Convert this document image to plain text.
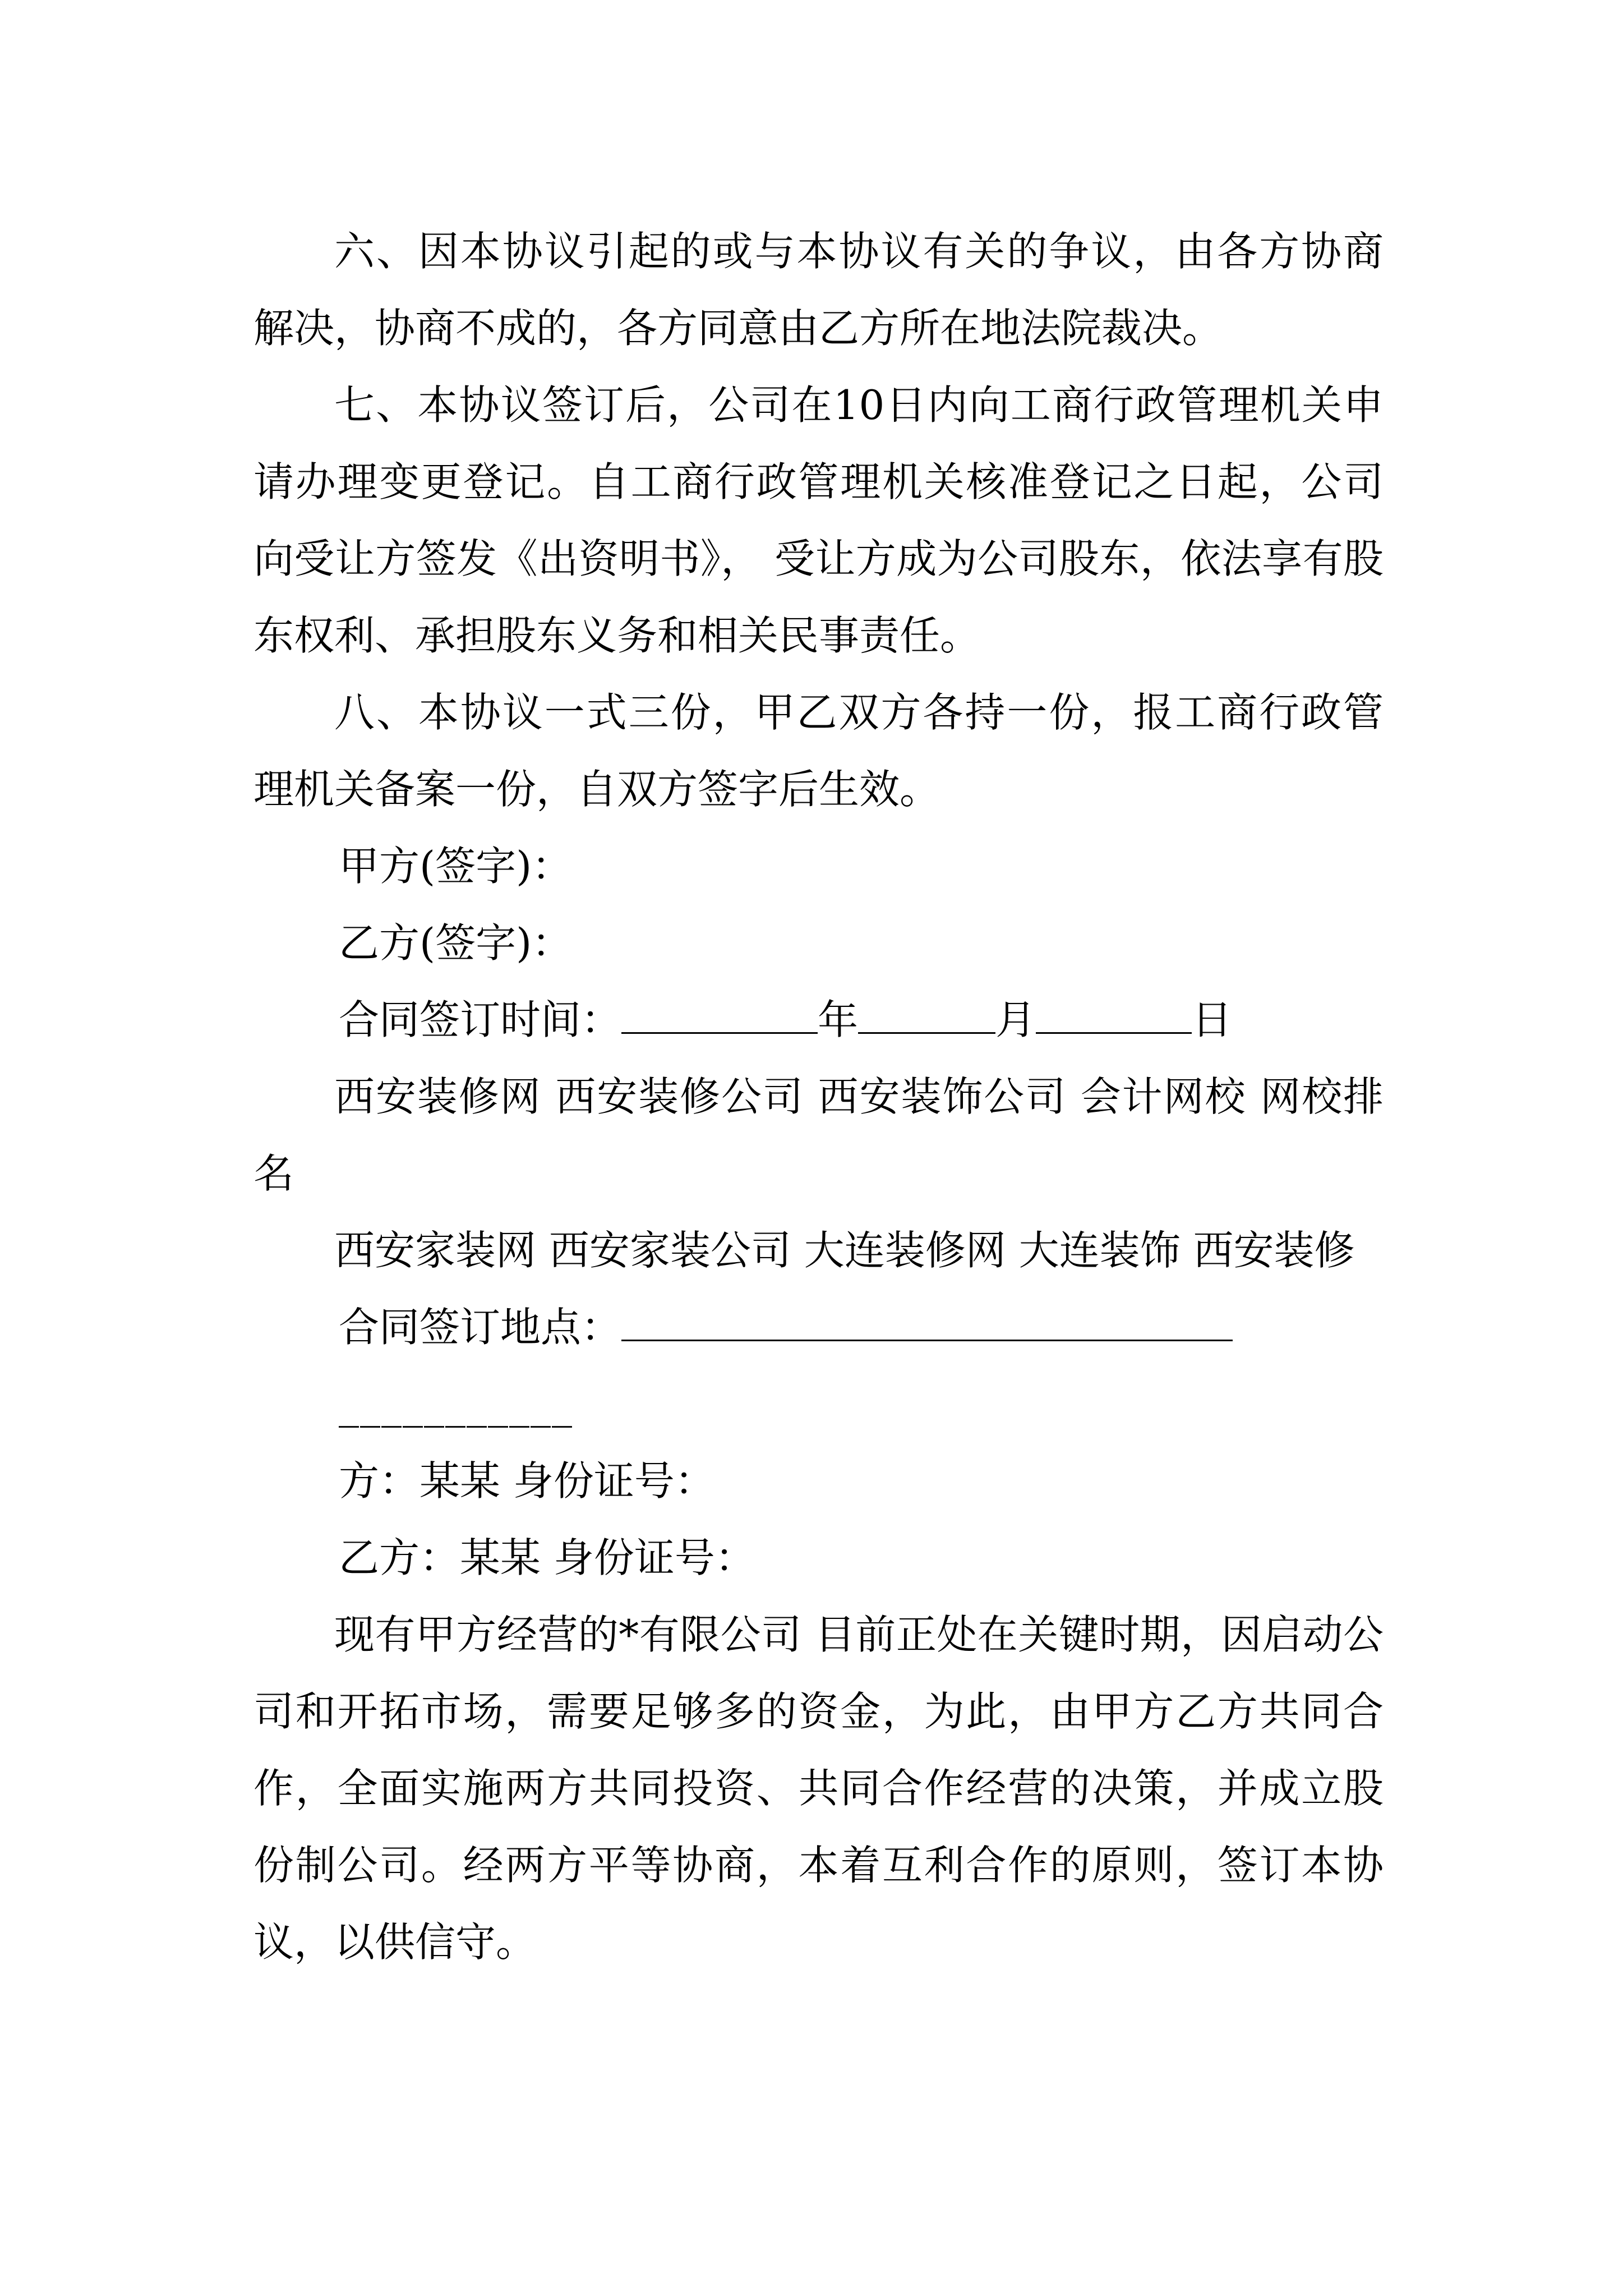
六、因本协议引起的或与本协议有关的争议，由各方协商解决，协商不成的，各方同意由乙方所在地法院裁决。

七、本协议签订后，公司在10日内向工商行政管理机关申请办理变更登记。自工商行政管理机关核准登记之日起，公司向受让方签发《出资明书》， 受让方成为公司股东，依法享有股东权利、承担股东义务和相关民事责任。

八、本协议一式三份，甲乙双方各持一份，报工商行政管理机关备案一份，自双方签字后生效。

甲方(签字)：

乙方(签字)：

合同签订时间：	年	月	日

西安装修网 西安装修公司 西安装饰公司 会计网校 网校排名

西安家装网 西安家装公司 大连装修网 大连装饰 西安装修

合同签订地点：

___________

方：某某 身份证号：

乙方：某某 身份证号：

现有甲方经营的*有限公司 目前正处在关键时期，因启动公司和开拓市场，需要足够多的资金，为此，由甲方乙方共同合作，全面实施两方共同投资、共同合作经营的决策，并成立股份制公司。经两方平等协商，本着互利合作的原则，签订本协议，以供信守。
